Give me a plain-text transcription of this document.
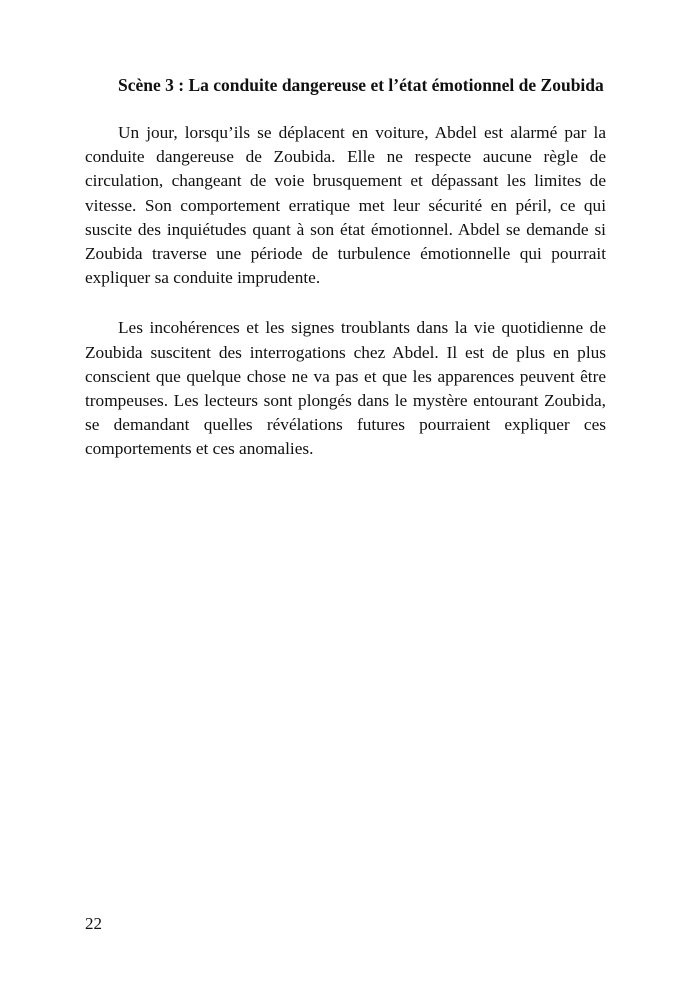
Scène 3 : La conduite dangereuse et l’état émotionnel de Zoubida

Un jour, lorsqu’ils se déplacent en voiture, Abdel est alarmé par la conduite dangereuse de Zoubida. Elle ne respecte aucune règle de circulation, changeant de voie brusquement et dépassant les limites de vitesse. Son comportement erratique met leur sécurité en péril, ce qui suscite des inquiétudes quant à son état émotionnel. Abdel se demande si Zoubida traverse une période de turbulence émotionnelle qui pourrait expliquer sa conduite imprudente.

Les incohérences et les signes troublants dans la vie quotidienne de Zoubida suscitent des interrogations chez Abdel. Il est de plus en plus conscient que quelque chose ne va pas et que les apparences peuvent être trompeuses. Les lecteurs sont plongés dans le mystère entourant Zoubida, se demandant quelles révélations futures pourraient expliquer ces comportements et ces anomalies.

22
